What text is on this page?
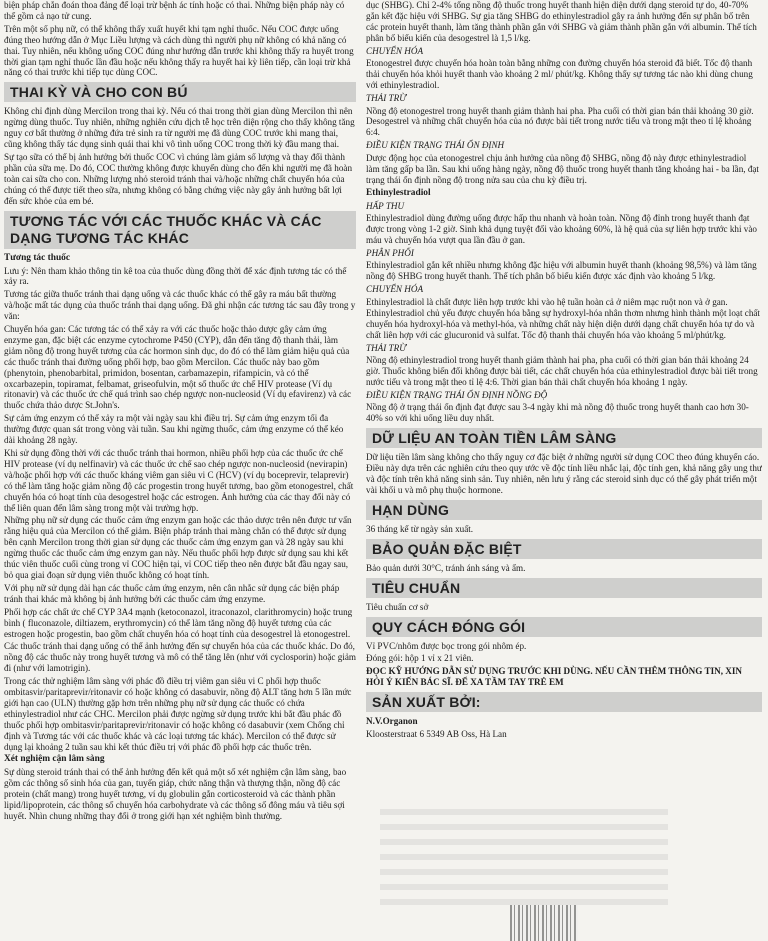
biện pháp chắn đoán thoa đảng để loại trừ bệnh ác tính hoặc có thai. Những biện pháp này có thể gồm cả nạo tử cung.

Trên một số phụ nữ, có thể không thấy xuất huyết khi tạm nghỉ thuốc. Nếu COC được uống đúng theo hướng dẫn ở Mục Liều lượng và cách dùng thì người phụ nữ không có khả năng có thai. Tuy nhiên, nếu không uống COC đúng như hướng dẫn trước khi không thấy ra huyết trong thời gian tạm nghỉ thuốc lần đầu hoặc nếu không thấy ra huyết hai kỳ liên tiếp, cần loại trừ khả năng có thai trước khi tiếp tục dùng COC.

THAI KỲ VÀ CHO CON BÚ

Không chỉ định dùng Mercilon trong thai kỳ. Nếu có thai trong thời gian dùng Mercilon thì nên ngừng dùng thuốc. Tuy nhiên, những nghiên cứu dịch tễ học trên diện rộng cho thấy không tăng nguy cơ bất thường ở những đứa trẻ sinh ra từ người mẹ đã dùng COC trước khi mang thai, cũng không thấy tác dụng sinh quái thai khi vô tình uống COC trong thời kỳ đầu mang thai.

Sự tạo sữa có thể bị ảnh hưởng bởi thuốc COC vì chúng làm giảm số lượng và thay đổi thành phần của sữa mẹ. Do đó, COC thường không được khuyến dùng cho đến khi người mẹ đã hoàn toàn cai sữa cho con. Những lượng nhỏ steroid tránh thai và/hoặc những chất chuyển hóa của chúng có thể được tiết theo sữa, nhưng không có bằng chứng việc này gây ảnh hưởng bất lợi đến sức khỏe của em bé.

TƯƠNG TÁC VỚI CÁC THUỐC KHÁC VÀ CÁC DẠNG TƯƠNG TÁC KHÁC

Tương tác thuốc

Lưu ý: Nên tham khảo thông tin kê toa của thuốc dùng đồng thời để xác định tương tác có thể xảy ra.

Tương tác giữa thuốc tránh thai dạng uống và các thuốc khác có thể gây ra máu bất thường và/hoặc mất tác dụng của thuốc tránh thai dạng uống. Đã ghi nhận các tương tác sau đây trong y văn:

Chuyển hóa gan: Các tương tác có thể xảy ra với các thuốc hoặc thảo dược gây cảm ứng enzyme gan, đặc biệt các enzyme cytochrome P450 (CYP), dẫn đến tăng độ thanh thải, làm giảm nồng độ trong huyết tương của các hormon sinh dục, do đó có thể làm giảm hiệu quả của các thuốc tránh thai đường uống phối hợp, bao gồm Mercilon. Các thuốc này bao gồm (phenytoin, phenobarbital, primidon, bosentan, carbamazepin, rifampicin, và có thể oxcarbazepin, topiramat, felbamat, griseofulvin, một số thuốc ức chế HIV protease (Ví dụ ritonavir) và các thuốc ức chế quá trình sao chép ngược non-nucleosid (Ví dụ efavirenz) và các thuốc chứa thảo dược St.John's.

Sự cảm ứng enzym có thể xảy ra một vài ngày sau khi điều trị. Sự cảm ứng enzym tối đa thường được quan sát trong vòng vài tuần. Sau khi ngừng thuốc, cảm ứng enzyme có thể kéo dài khoảng 28 ngày.

Khi sử dụng đồng thời với các thuốc tránh thai hormon, nhiều phối hợp của các thuốc ức chế HIV protease (ví dụ nelfinavir) và các thuốc ức chế sao chép ngược non-nucleosid (nevirapin) và/hoặc phối hợp với các thuốc kháng viêm gan siêu vi C (HCV) (ví dụ boceprevir, telaprevir) có thể làm tăng hoặc giảm nồng độ các progestin trong huyết tương, bao gồm etonogestrel, chất chuyển hóa có hoạt tính của desogestrel hoặc các estrogen. Ảnh hưởng của các thay đổi này có thể liên quan đến lâm sàng trong một vài trường hợp.

Những phụ nữ sử dụng các thuốc cảm ứng enzym gan hoặc các thảo dược trên nên được tư vấn rằng hiệu quả của Mercilon có thể giảm. Biện pháp tránh thai màng chắn có thể được sử dụng bên cạnh Mercilon trong thời gian sử dụng các thuốc cảm ứng enzym gan và 28 ngày sau khi ngừng thuốc các thuốc cảm ứng enzym gan này. Nếu thuốc phối hợp được sử dụng sau khi kết thúc viên thuốc cuối cùng trong vỉ COC hiện tại, vỉ COC tiếp theo nên được bắt đầu ngay sau, bỏ qua giai đoạn sử dụng viên thuốc không có hoạt tính.

Với phụ nữ sử dụng dài hạn các thuốc cảm ứng enzym, nên cân nhắc sử dụng các biện pháp tránh thai khác mà không bị ảnh hưởng bởi các thuốc cảm ứng enzyme.

Phối hợp các chất ức chế CYP 3A4 mạnh (ketoconazol, itraconazol, clarithromycin) hoặc trung bình ( fluconazole, diltiazem, erythromycin) có thể làm tăng nồng độ huyết tương của các estrogen hoặc progestin, bao gồm chất chuyển hóa có hoạt tính của desogestrel là etonogestrel.

Các thuốc tránh thai dạng uống có thể ảnh hưởng đến sự chuyển hóa của các thuốc khác. Do đó, nồng độ các thuốc này trong huyết tương và mô có thể tăng lên (như với cyclosporin) hoặc giảm đi (như với lamotrigin).

Trong các thử nghiệm lâm sàng với phác đồ điều trị viêm gan siêu vi C phối hợp thuốc ombitasvir/paritaprevir/ritonavir có hoặc không có dasabuvir, nồng độ ALT tăng hơn 5 lần mức giới hạn cao (ULN) thường gặp hơn trên những phụ nữ sử dụng các thuốc có chứa ethinylestradiol như các CHC. Mercilon phải được ngừng sử dụng trước khi bắt đầu phác đồ thuốc phối hợp ombitasvir/paritaprevir/ritonavir có hoặc không có dasabuvir (xem Chống chỉ định và Tương tác với các thuốc khác và các loại tương tác khác). Mercilon có thể được sử dụng lại khoảng 2 tuần sau khi kết thúc điều trị với phác đồ phối hợp các thuốc trên.

Xét nghiệm cận lâm sàng

Sự dùng steroid tránh thai có thể ảnh hưởng đến kết quả một số xét nghiệm cận lâm sàng, bao gồm các thông số sinh hóa của gan, tuyến giáp, chức năng thận và thượng thận, nồng độ các protein (chất mang) trong huyết tương, ví dụ globulin gắn corticosteroid và các thành phần lipid/lipoprotein, các thông số chuyển hóa carbohydrate và các thông số đông máu và tiêu sợi huyết. Nhìn chung những thay đổi ở trong giới hạn xét nghiệm bình thường.

dục (SHBG). Chỉ 2-4% tổng nồng độ thuốc trong huyết thanh hiện diện dưới dạng steroid tự do, 40-70% gắn kết đặc hiệu với SHBG. Sự gia tăng SHBG do ethinylestradiol gây ra ảnh hưởng đến sự phân bố trên các protein huyết thanh, làm tăng thành phần gắn với SHBG và giảm thành phần gắn với albumin. Thể tích phân bố biểu kiến của desogestrel là 1,5 l/kg.

CHUYỂN HÓA

Etonogestrel được chuyển hóa hoàn toàn bằng những con đường chuyển hóa steroid đã biết. Tốc độ thanh thải chuyển hóa khỏi huyết thanh vào khoảng 2 ml/ phút/kg. Không thấy sự tương tác nào khi dùng chung với ethinylestradiol.

THẢI TRỪ

Nồng độ etonogestrel trong huyết thanh giảm thành hai pha. Pha cuối có thời gian bán thải khoảng 30 giờ. Desogestrel và những chất chuyển hóa của nó được bài tiết trong nước tiểu và trong mật theo tỉ lệ khoảng 6:4.

ĐIỀU KIỆN TRẠNG THÁI ỔN ĐỊNH

Dược động học của etonogestrel chịu ảnh hưởng của nồng độ SHBG, nồng độ này được ethinylestradiol làm tăng gấp ba lần. Sau khi uống hàng ngày, nồng độ thuốc trong huyết thanh tăng khoảng hai - ba lần, đạt trạng thái ổn định nồng độ trong nửa sau của chu kỳ điều trị.

Ethinylestradiol

HẤP THU

Ethinylestradiol dùng đường uống được hấp thu nhanh và hoàn toàn. Nồng độ đỉnh trong huyết thanh đạt được trong vòng 1-2 giờ. Sinh khả dụng tuyệt đối vào khoảng 60%, là hệ quả của sự liên hợp trước khi vào máu và chuyển hóa vượt qua lần đầu ở gan.

PHÂN PHỐI

Ethinylestradiol gắn kết nhiều nhưng không đặc hiệu với albumin huyết thanh (khoảng 98,5%) và làm tăng nồng độ SHBG trong huyết thanh. Thể tích phân bố biểu kiến được xác định vào khoảng 5 l/kg.

CHUYỂN HÓA

Ethinylestradiol là chất được liên hợp trước khi vào hệ tuần hoàn cả ở niêm mạc ruột non và ở gan. Ethinylestradiol chủ yếu được chuyển hóa bằng sự hydroxyl-hóa nhân thơm nhưng hình thành một loạt chất chuyển hóa hydroxyl-hóa và methyl-hóa, và những chất này hiện diện dưới dạng chất chuyển hóa tự do và chất liên hợp với các glucuronid và sulfat. Tốc độ thanh thải chuyển hóa vào khoảng 5 ml/phút/kg.

THẢI TRỪ

Nồng độ ethinylestradiol trong huyết thanh giảm thành hai pha, pha cuối có thời gian bán thải khoảng 24 giờ. Thuốc không biến đổi không được bài tiết, các chất chuyển hóa của ethinylestradiol được bài tiết trong nước tiểu và trong mật theo tỉ lệ 4:6. Thời gian bán thải chất chuyển hóa khoảng 1 ngày.

ĐIỀU KIỆN TRẠNG THÁI ỔN ĐỊNH NỒNG ĐỘ

Nồng độ ở trạng thái ổn định đạt được sau 3-4 ngày khi mà nồng độ thuốc trong huyết thanh cao hơn 30-40% so với khi uống liều duy nhất.

DỮ LIỆU AN TOÀN TIỀN LÂM SÀNG

Dữ liệu tiền lâm sàng không cho thấy nguy cơ đặc biệt ở những người sử dụng COC theo đúng khuyến cáo. Điều này dựa trên các nghiên cứu theo quy ước về độc tính liều nhắc lại, độc tính gen, khả năng gây ung thư và độc tính trên khả năng sinh sản. Tuy nhiên, nên lưu ý rằng các steroid sinh dục có thể gây phát triển một vài khối u và mô phụ thuộc hormone.

HẠN DÙNG

36 tháng kể từ ngày sản xuất.

BẢO QUẢN ĐẶC BIỆT

Bảo quản dưới 30°C, tránh ánh sáng và ẩm.

TIÊU CHUẨN

Tiêu chuẩn cơ sở

QUY CÁCH ĐÓNG GÓI

Vỉ PVC/nhôm được bọc trong gói nhôm ép.

Đóng gói: hộp 1 vỉ x 21 viên.

ĐỌC KỸ HƯỚNG DẪN SỬ DỤNG TRƯỚC KHI DÙNG. NẾU CẦN THÊM THÔNG TIN, XIN HỎI Ý KIẾN BÁC SĨ. ĐỂ XA TẦM TAY TRẺ EM

SẢN XUẤT BỞI:

N.V.Organon

Kloosterstraat 6 5349 AB Oss, Hà Lan
